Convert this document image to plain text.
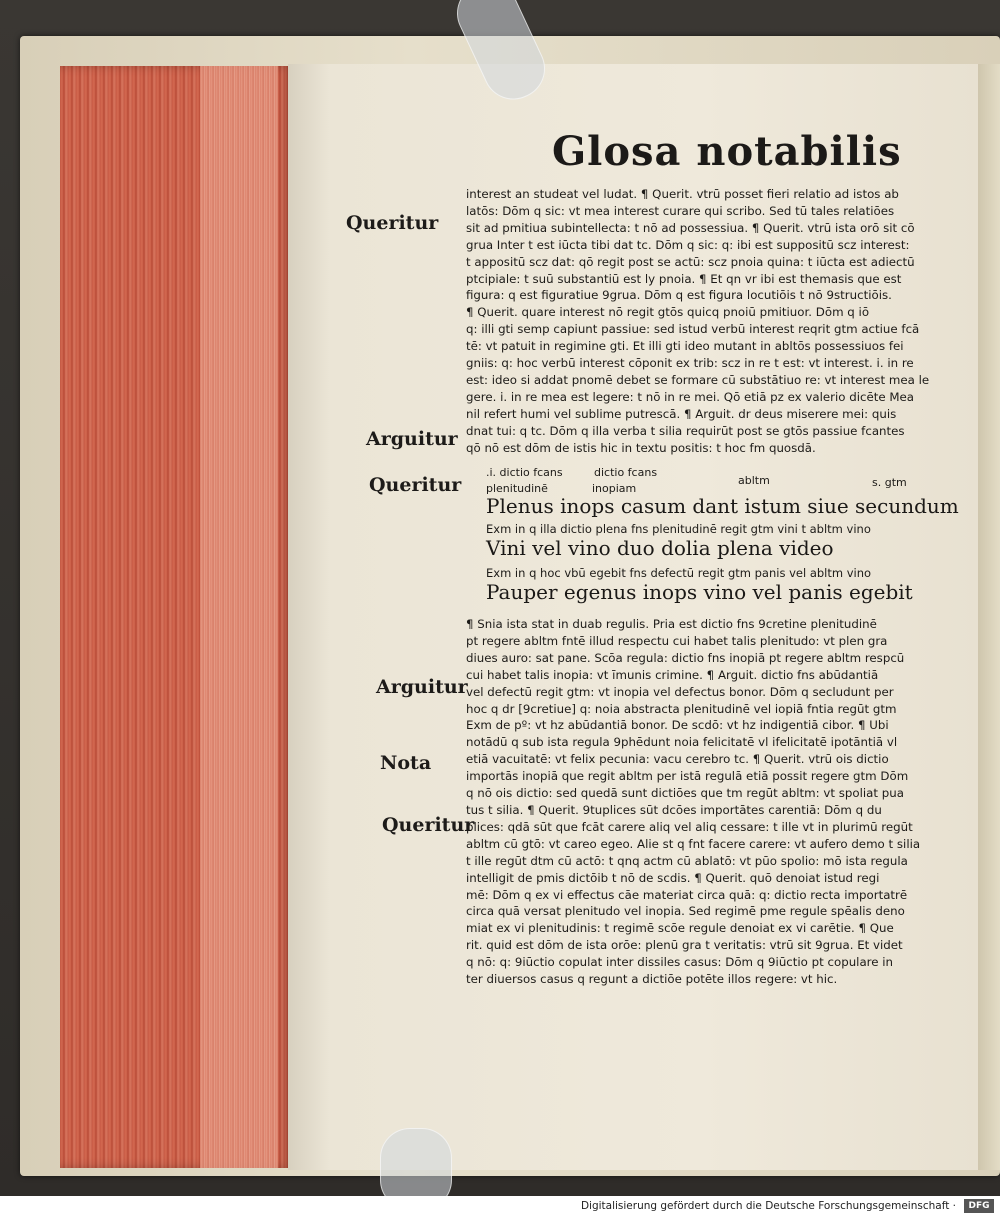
Glosa notabilis
Queritur
Arguitur
Queritur
Arguitur
Nota
Queritur
interest an studeat vel ludat. ¶ Querit. vtrū posset fieri relatio ad istos ab
latōs: Dōm q sic: vt mea interest curare qui scribo. Sed tū tales relatiōes
sit ad pmitiua subintellecta: t nō ad possessiua. ¶ Querit. vtrū ista orō sit cō
grua Inter t est iūcta tibi dat tc. Dōm q sic: q: ibi est suppositū scz interest:
t appositū scz dat: qō regit post se actū: scz pnoia quina: t iūcta est adiectū
ptcipiale: t suū substantiū est ly pnoia. ¶ Et qn vr ibi est themasis que est
figura: q est figuratiue 9grua. Dōm q est figura locutiōis t nō 9structiōis.
¶ Querit. quare interest nō regit gtōs quicq pnoiū pmitiuor. Dōm q iō
q: illi gti semp capiunt passiue: sed istud verbū interest reqrit gtm actiue fcā
tē: vt patuit in regimine gti. Et illi gti ideo mutant in abltōs possessiuos fei
gniis: q: hoc verbū interest cōponit ex trib: scz in re t est: vt interest. i. in re
est: ideo si addat pnomē debet se formare cū substātiuo re: vt interest mea le
gere. i. in re mea est legere: t nō in re mei. Qō etiā pz ex valerio dicēte Mea
nil refert humi vel sublime putrescā. ¶ Arguit. dr deus miserere mei: quis
dnat tui: q tc. Dōm q illa verba t silia requirūt post se gtōs passiue fcantes
qō nō est dōm de istis hic in textu positis: t hoc fm quosdā.
.i. dictio fcans
plenitudinē
dictio fcans
inopiam
abltm	s. gtm
Plenus inops casum dant istum siue secundum
Exm in q illa dictio plena fns plenitudinē regit gtm vini t abltm vino
Vini vel vino duo dolia plena video
Exm in q hoc vbū egebit fns defectū regit gtm panis vel abltm vino
Pauper egenus inops vino vel panis egebit
¶ Snia ista stat in duab regulis. Pria est dictio fns 9cretine plenitudinē
pt regere abltm fntē illud respectu cui habet talis plenitudo: vt plen gra
diues auro: sat pane. Scōa regula: dictio fns inopiā pt regere abltm respcū
cui habet talis inopia: vt īmunis crimine. ¶ Arguit. dictio fns abūdantiā
vel defectū regit gtm: vt inopia vel defectus bonor. Dōm q secludunt per
hoc q dr [9cretiue] q: noia abstracta plenitudinē vel iopiā fntia regūt gtm
Exm de pº: vt hz abūdantiā bonor. De scdō: vt hz indigentiā cibor. ¶ Ubi
notādū q sub ista regula 9phēdunt noia felicitatē vl ifelicitatē ipotāntiā vl
etiā vacuitatē: vt felix pecunia: vacu cerebro tc. ¶ Querit. vtrū ois dictio
importās inopiā que regit abltm per istā regulā etiā possit regere gtm Dōm
q nō ois dictio: sed quedā sunt dictiōes que tm regūt abltm: vt spoliat pua
tus t silia. ¶ Querit. 9tuplices sūt dcōes importātes carentiā: Dōm q du
plices: qdā sūt que fcāt carere aliq vel aliq cessare: t ille vt in plurimū regūt
abltm cū gtō: vt careo egeo. Alie st q fnt facere carere: vt aufero demo t silia
t ille regūt dtm cū actō: t qnq actm cū ablatō: vt pūo spolio: mō ista regula
intelligit de pmis dictōib t nō de scdis. ¶ Querit. quō denoiat istud regi
mē: Dōm q ex vi effectus cāe materiat circa quā: q: dictio recta importatrē
circa quā versat plenitudo vel inopia. Sed regimē pme regule spēalis deno
miat ex vi plenitudinis: t regimē scōe regule denoiat ex vi carētie. ¶ Que
rit. quid est dōm de ista orōe: plenū gra t veritatis: vtrū sit 9grua. Et videt
q nō: q: 9iūctio copulat inter dissiles casus: Dōm q 9iūctio pt copulare in
ter diuersos casus q regunt a dictiōe potēte illos regere: vt hic.
Digitalisierung gefördert durch die Deutsche Forschungsgemeinschaft ·	DFG
